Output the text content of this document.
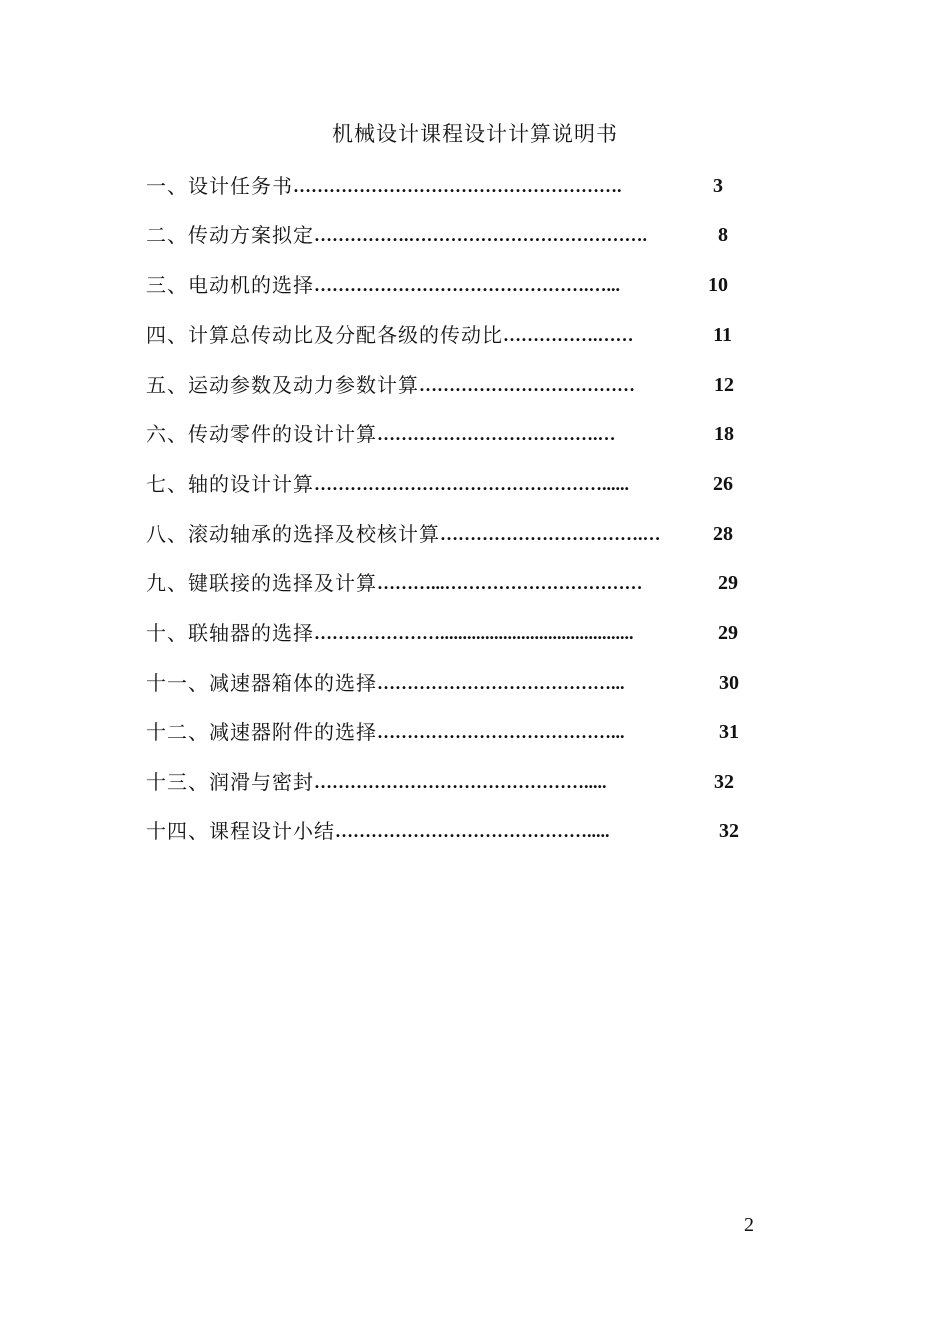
机械设计课程设计计算说明书
一、设计任务书 ……………………………………………….	3
二、传动方案拟定 …………….………………………………….	8
三、电动机的选择 ……………………………………….…...	10
四、计算总传动比及分配各级的传动比 …………….……	11
五、运动参数及动力参数计算 ………………………………	12
六、传动零件的设计计算 ……………………………….…	18
七、轴的设计计算 …………………………………………......	26
八、滚动轴承的选择及校核计算 …………………………….…	28
九、键联接的选择及计算 ………...……………………………	29
十、联轴器的选择 …………………...........................................	29
十一、减速器箱体的选择 …………………………………...	30
十二、减速器附件的选择 …………………………………...	31
十三、润滑与密封 ……………………………………….....	32
十四、课程设计小结 …………………………………….....	32
2
